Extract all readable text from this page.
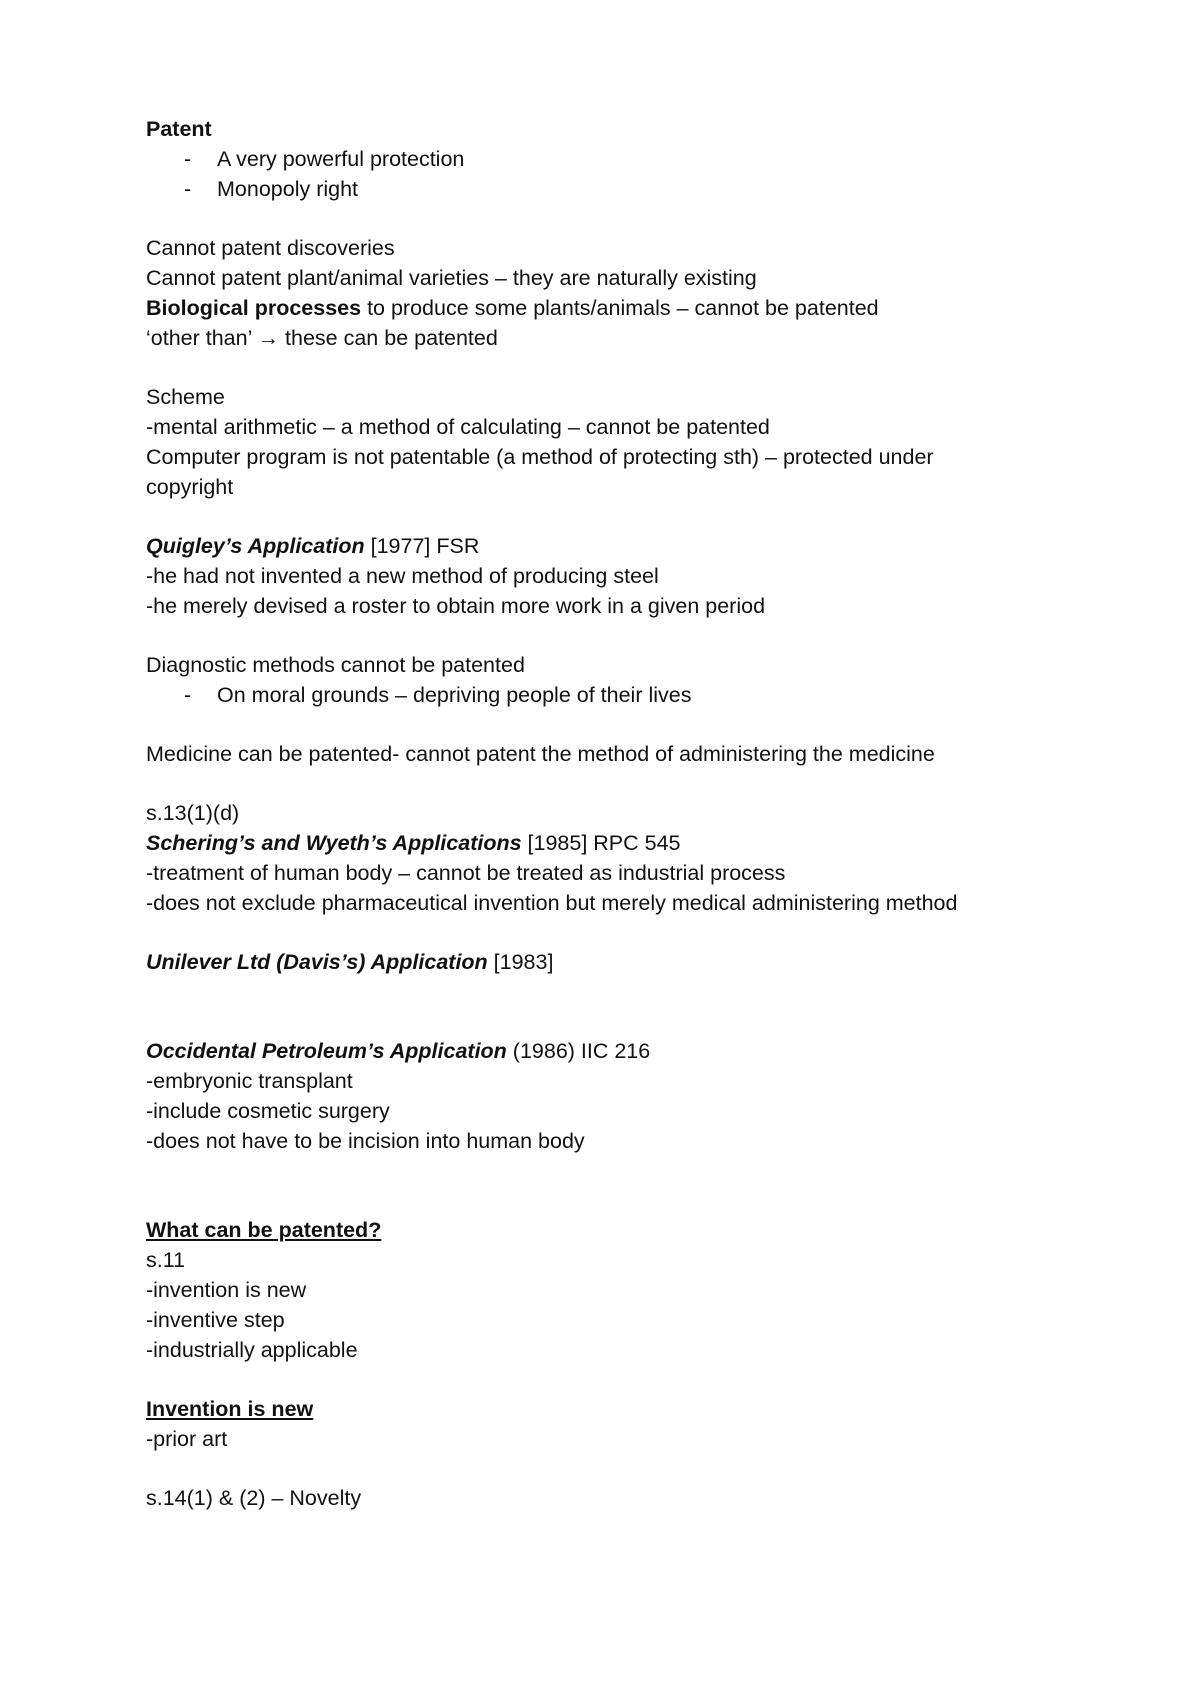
Patent
- A very powerful protection
- Monopoly right
Cannot patent discoveries
Cannot patent plant/animal varieties – they are naturally existing
Biological processes to produce some plants/animals – cannot be patented
‘other than’ → these can be patented
Scheme
-mental arithmetic – a method of calculating – cannot be patented
Computer program is not patentable (a method of protecting sth) – protected under
copyright
Quigley’s Application [1977] FSR
-he had not invented a new method of producing steel
-he merely devised a roster to obtain more work in a given period
Diagnostic methods cannot be patented
- On moral grounds – depriving people of their lives
Medicine can be patented- cannot patent the method of administering the medicine
s.13(1)(d)
Schering’s and Wyeth’s Applications [1985] RPC 545
-treatment of human body – cannot be treated as industrial process
-does not exclude pharmaceutical invention but merely medical administering method
Unilever Ltd (Davis’s) Application [1983]
Occidental Petroleum’s Application (1986) IIC 216
-embryonic transplant
-include cosmetic surgery
-does not have to be incision into human body
What can be patented?
s.11
-invention is new
-inventive step
-industrially applicable
Invention is new
-prior art
s.14(1) & (2) – Novelty
